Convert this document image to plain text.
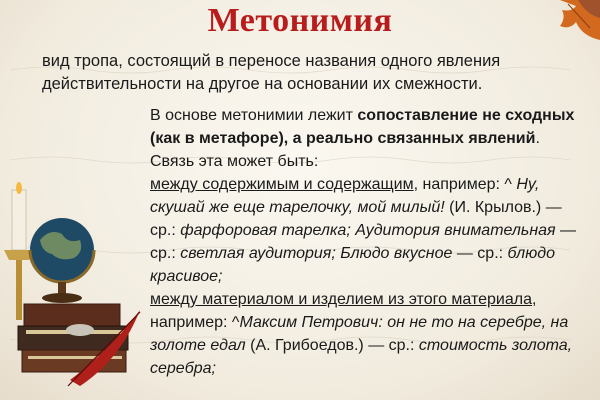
Метонимия

вид тропа, состоящий в переносе названия одного явления действительности на другое на основании их смежности.

В основе метонимии лежит сопоставление не сходных (как в метафоре), а реально связанных явлений. Связь эта может быть:
между содержимым и содержащим, например: ^ Ну, скушай же еще тарелочку, мой милый! (И. Крылов.) — ср.: фарфоровая тарелка; Аудитория внимательная — ср.: светлая аудитория; Блюдо вкусное — ср.: блюдо красивое;
между материалом и изделием из этого материала, например: ^Максим Петрович: он не то на серебре, на золоте едал (А. Грибоедов.) — ср.: стоимость золота, серебра;
